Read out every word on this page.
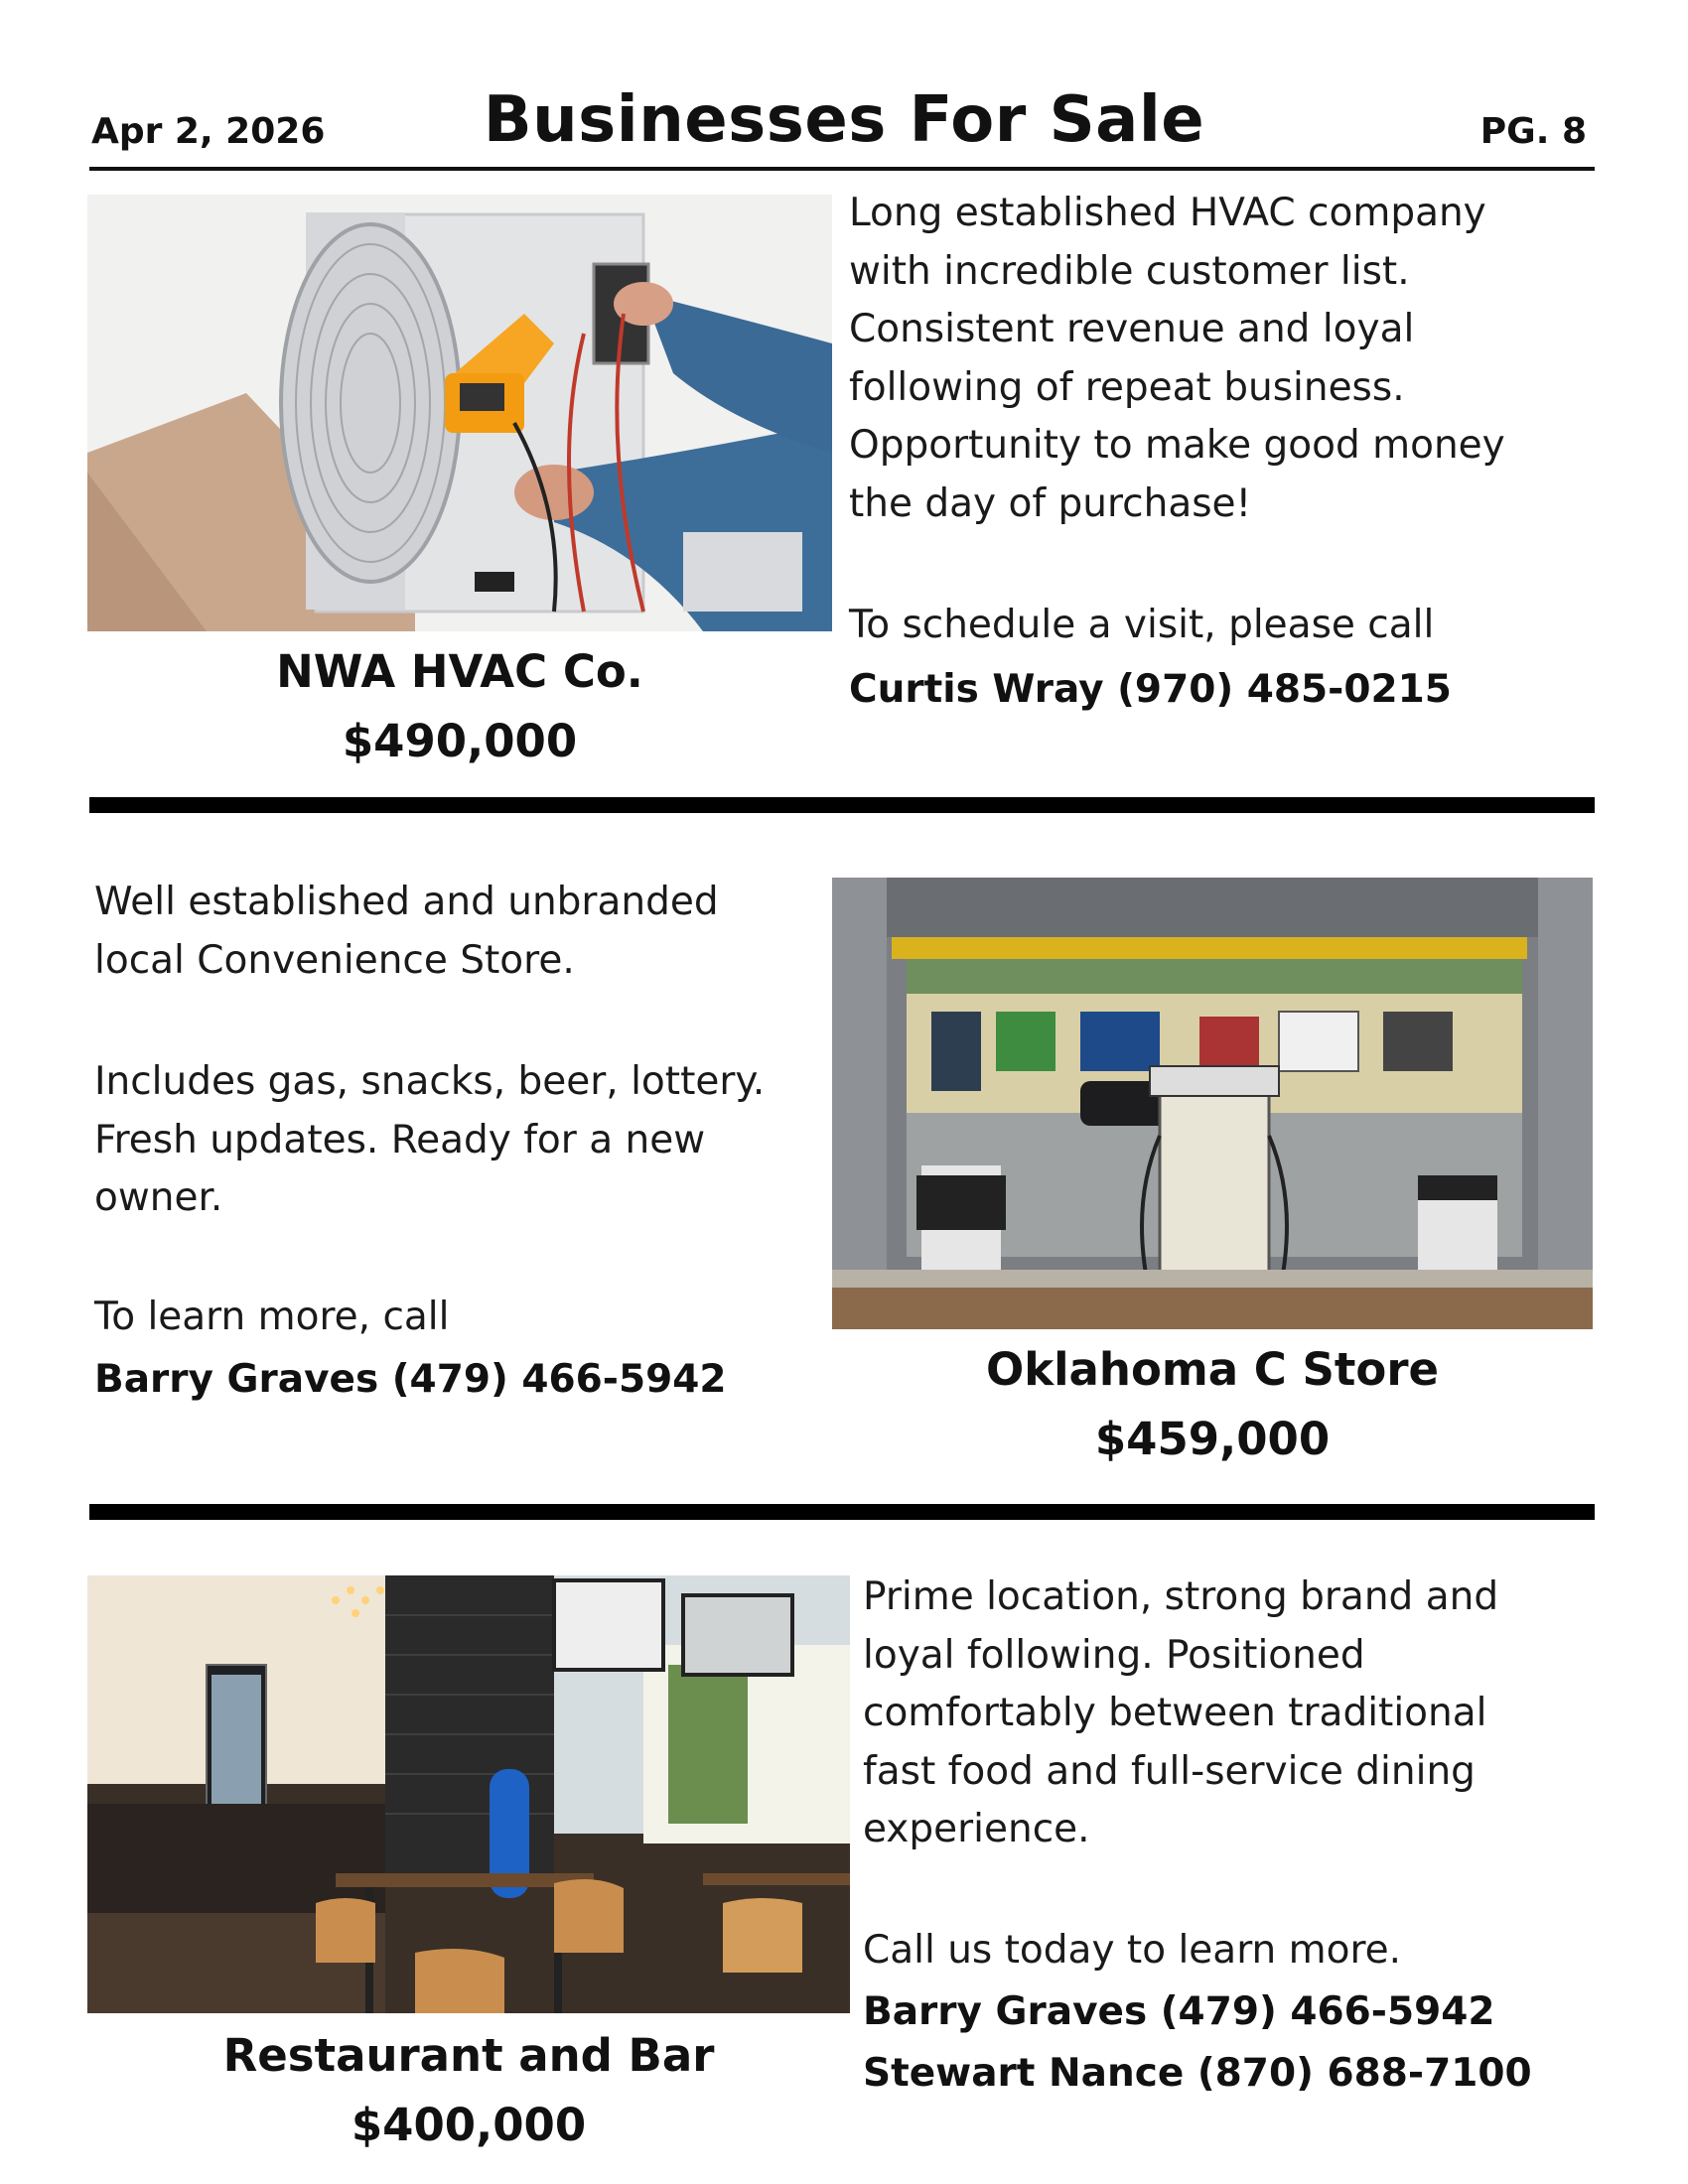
Apr 2, 2026	Businesses For Sale	PG. 8
NWA HVAC Co.
$490,000
Long established HVAC company
with incredible customer list.
Consistent revenue and loyal
following of repeat business.
Opportunity to make good money
the day of purchase!
To schedule a visit, please call
Curtis Wray (970) 485-0215
Well established and unbranded
local Convenience Store.
Includes gas, snacks, beer, lottery.
Fresh updates. Ready for a new
owner.
To learn more, call
Barry Graves (479) 466-5942	Oklahoma C Store
$459,000
Restaurant and Bar
$400,000
Prime location, strong brand and
loyal following. Positioned
comfortably between traditional
fast food and full-service dining
experience.
Call us today to learn more.
Barry Graves (479) 466-5942
Stewart Nance (870) 688-7100
